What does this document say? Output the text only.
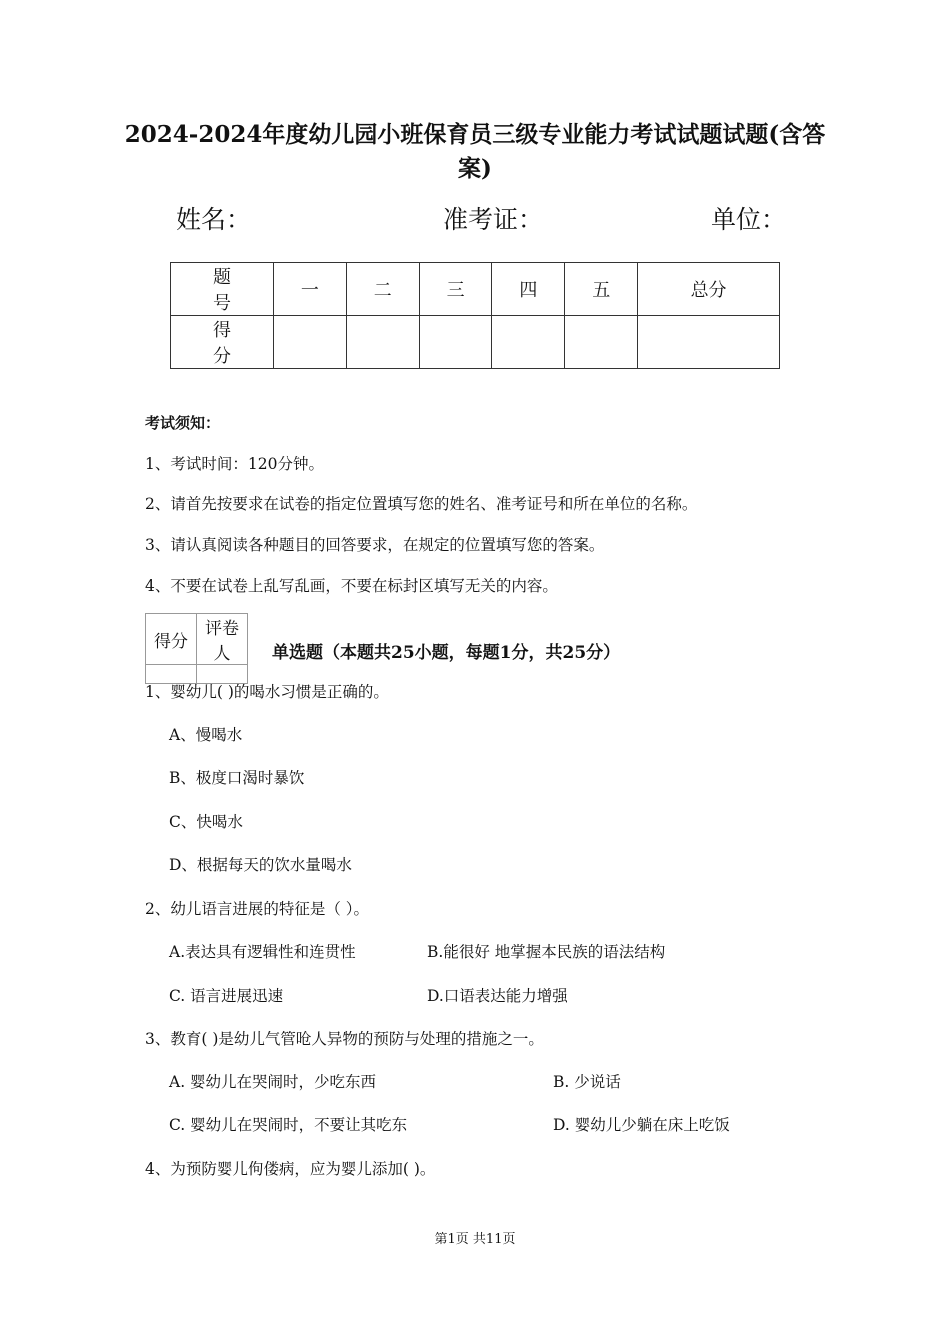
2024-2024年度幼儿园小班保育员三级专业能力考试试题试题(含答案)
姓名：	准考证：	单位：
题 号	一	二	三	四	五	总分
得 分						
考试须知：
1、考试时间：120分钟。
2、请首先按要求在试卷的指定位置填写您的姓名、准考证号和所在单位的名称。
3、请认真阅读各种题目的回答要求，在规定的位置填写您的答案。
4、不要在试卷上乱写乱画，不要在标封区填写无关的内容。
得分	评卷人
	单选题（本题共25小题，每题1分，共25分）
1、婴幼儿( )的喝水习惯是正确的。
A、慢喝水
B、极度口渴时暴饮
C、快喝水
D、根据每天的饮水量喝水
2、幼儿语言进展的特征是（ ）。
A.表达具有逻辑性和连贯性	B.能很好 地掌握本民族的语法结构
C. 语言进展迅速	D.口语表达能力增强
3、教育( )是幼儿气管呛人异物的预防与处理的措施之一。
A. 婴幼儿在哭闹时，少吃东西	B. 少说话
C. 婴幼儿在哭闹时，不要让其吃东	D. 婴幼儿少躺在床上吃饭
4、为预防婴儿佝偻病，应为婴儿添加( )。
第1页 共11页
